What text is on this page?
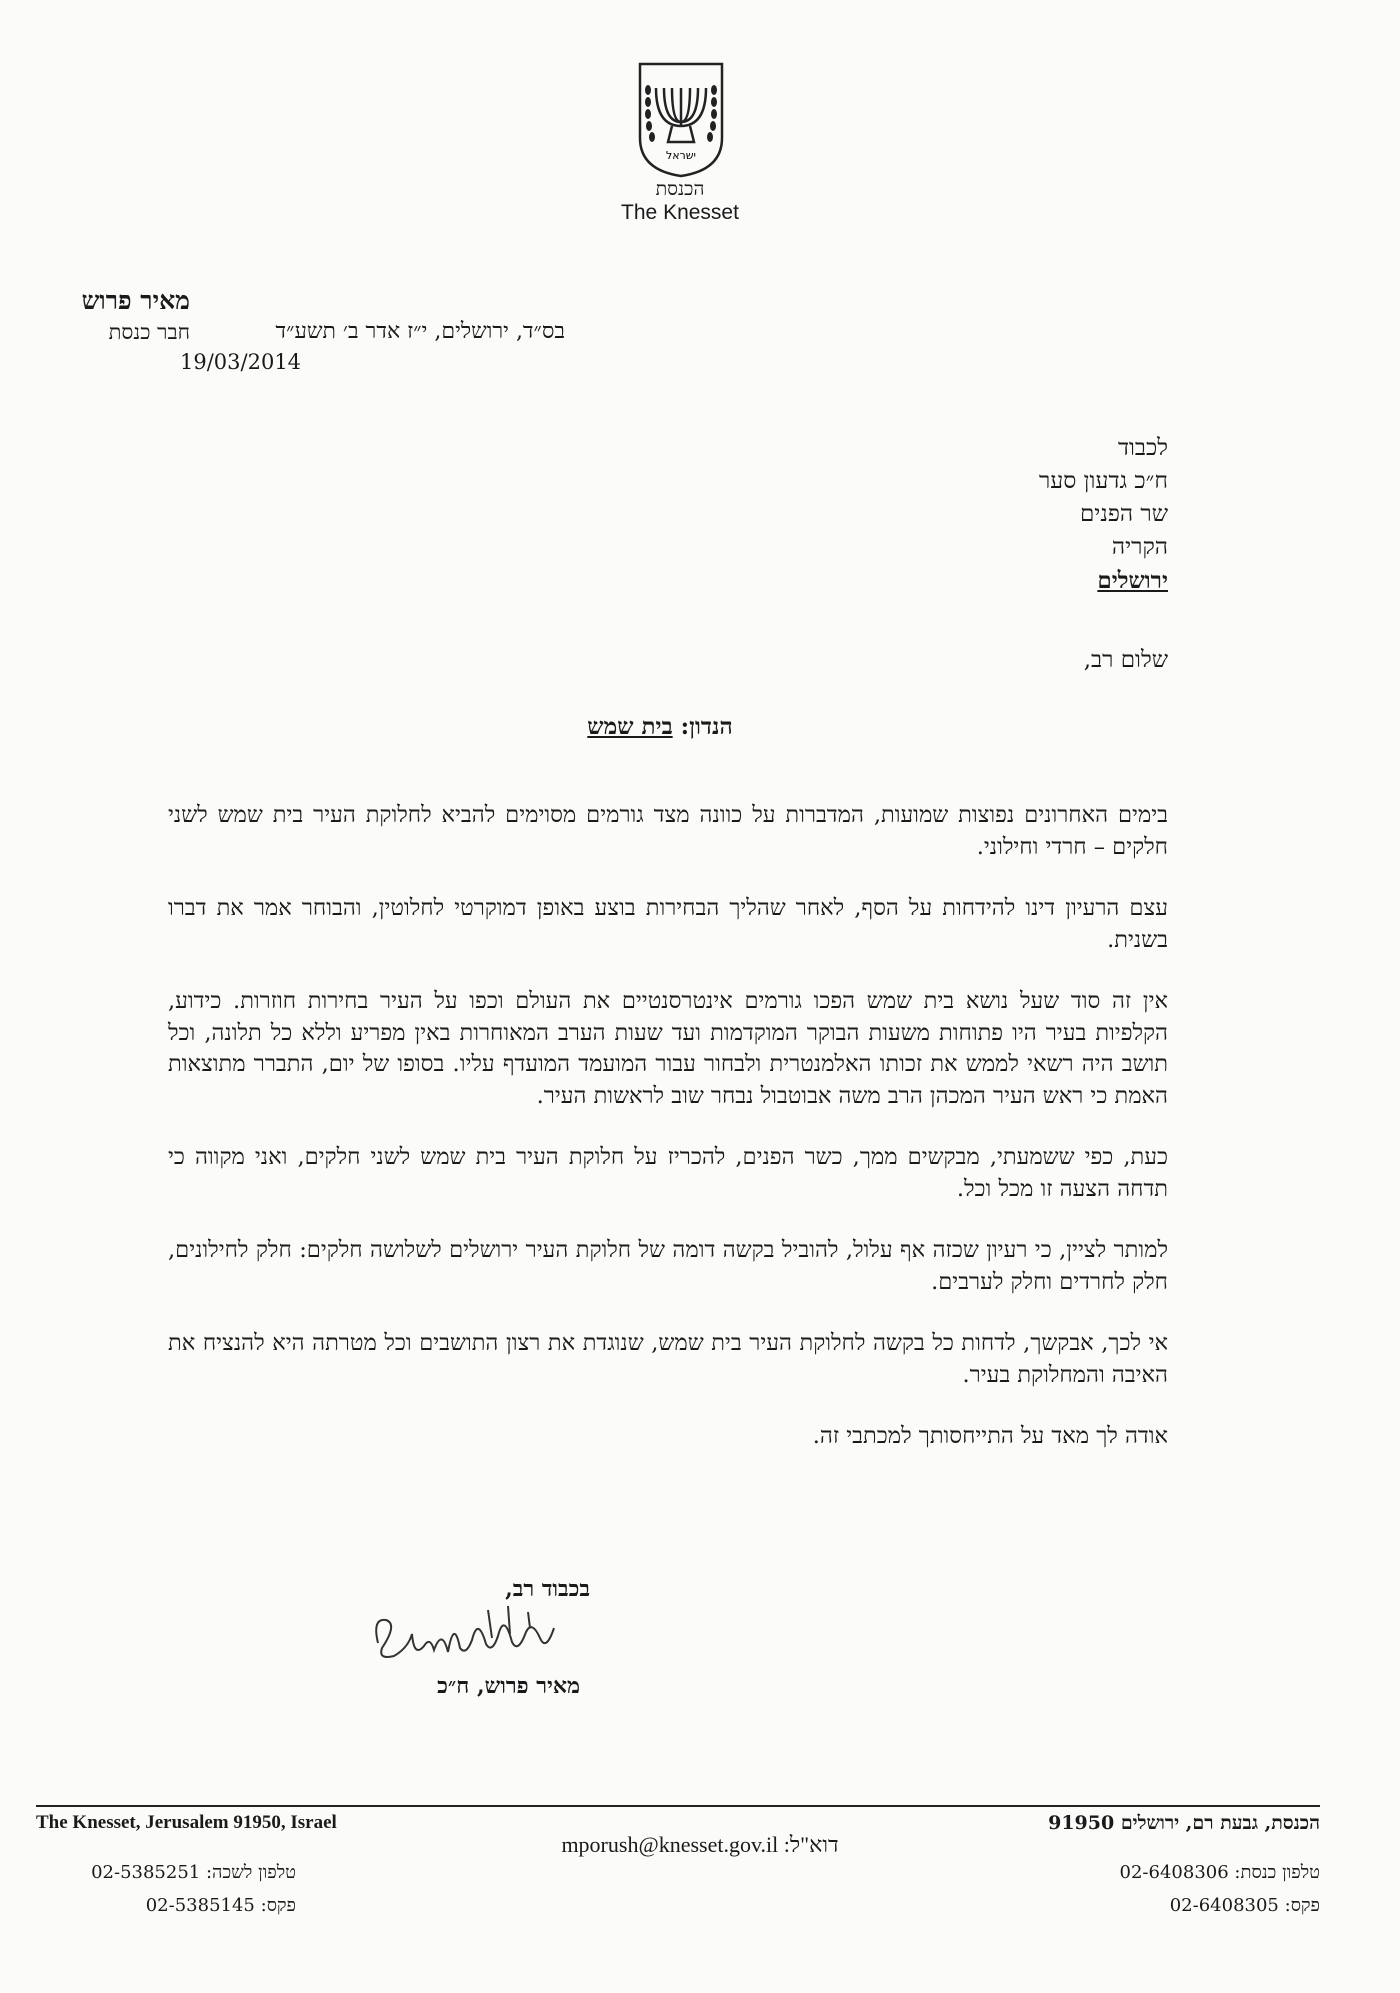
ישראל
הכנסת
The Knesset
מאיר פרוש
חבר כנסת	בס״ד, ירושלים, י״ז אדר ב׳ תשע״ד
19/03/2014
לכבוד
ח״כ גדעון סער
שר הפנים
הקריה
ירושלים
שלום רב,
הנדון: בית שמש

בימים האחרונים נפוצות שמועות, המדברות על כוונה מצד גורמים מסוימים להביא לחלוקת העיר בית שמש לשני חלקים – חרדי וחילוני.

עצם הרעיון דינו להידחות על הסף, לאחר שהליך הבחירות בוצע באופן דמוקרטי לחלוטין, והבוחר אמר את דברו בשנית.

אין זה סוד שעל נושא בית שמש הפכו גורמים אינטרסנטיים את העולם וכפו על העיר בחירות חוזרות. כידוע, הקלפיות בעיר היו פתוחות משעות הבוקר המוקדמות ועד שעות הערב המאוחרות באין מפריע וללא כל תלונה, וכל תושב היה רשאי לממש את זכותו האלמנטרית ולבחור עבור המועמד המועדף עליו. בסופו של יום, התברר מתוצאות האמת כי ראש העיר המכהן הרב משה אבוטבול נבחר שוב לראשות העיר.

כעת, כפי ששמעתי, מבקשים ממך, כשר הפנים, להכריז על חלוקת העיר בית שמש לשני חלקים, ואני מקווה כי תדחה הצעה זו מכל וכל.

למותר לציין, כי רעיון שכזה אף עלול, להוביל בקשה דומה של חלוקת העיר ירושלים לשלושה חלקים: חלק לחילונים, חלק לחרדים וחלק לערבים.

אי לכך, אבקשך, לדחות כל בקשה לחלוקת העיר בית שמש, שנוגדת את רצון התושבים וכל מטרתה היא להנציח את האיבה והמחלוקת בעיר.

אודה לך מאד על התייחסותך למכתבי זה.

בכבוד רב,
מאיר פרוש, ח״כ
The Knesset, Jerusalem 91950, Israel	הכנסת, גבעת רם, ירושלים 91950
mporush@knesset.gov.il דוא"ל:
טלפון לשכה: 02-5385251
פקס: 02-5385145
טלפון כנסת: 02-6408306
פקס: 02-6408305
